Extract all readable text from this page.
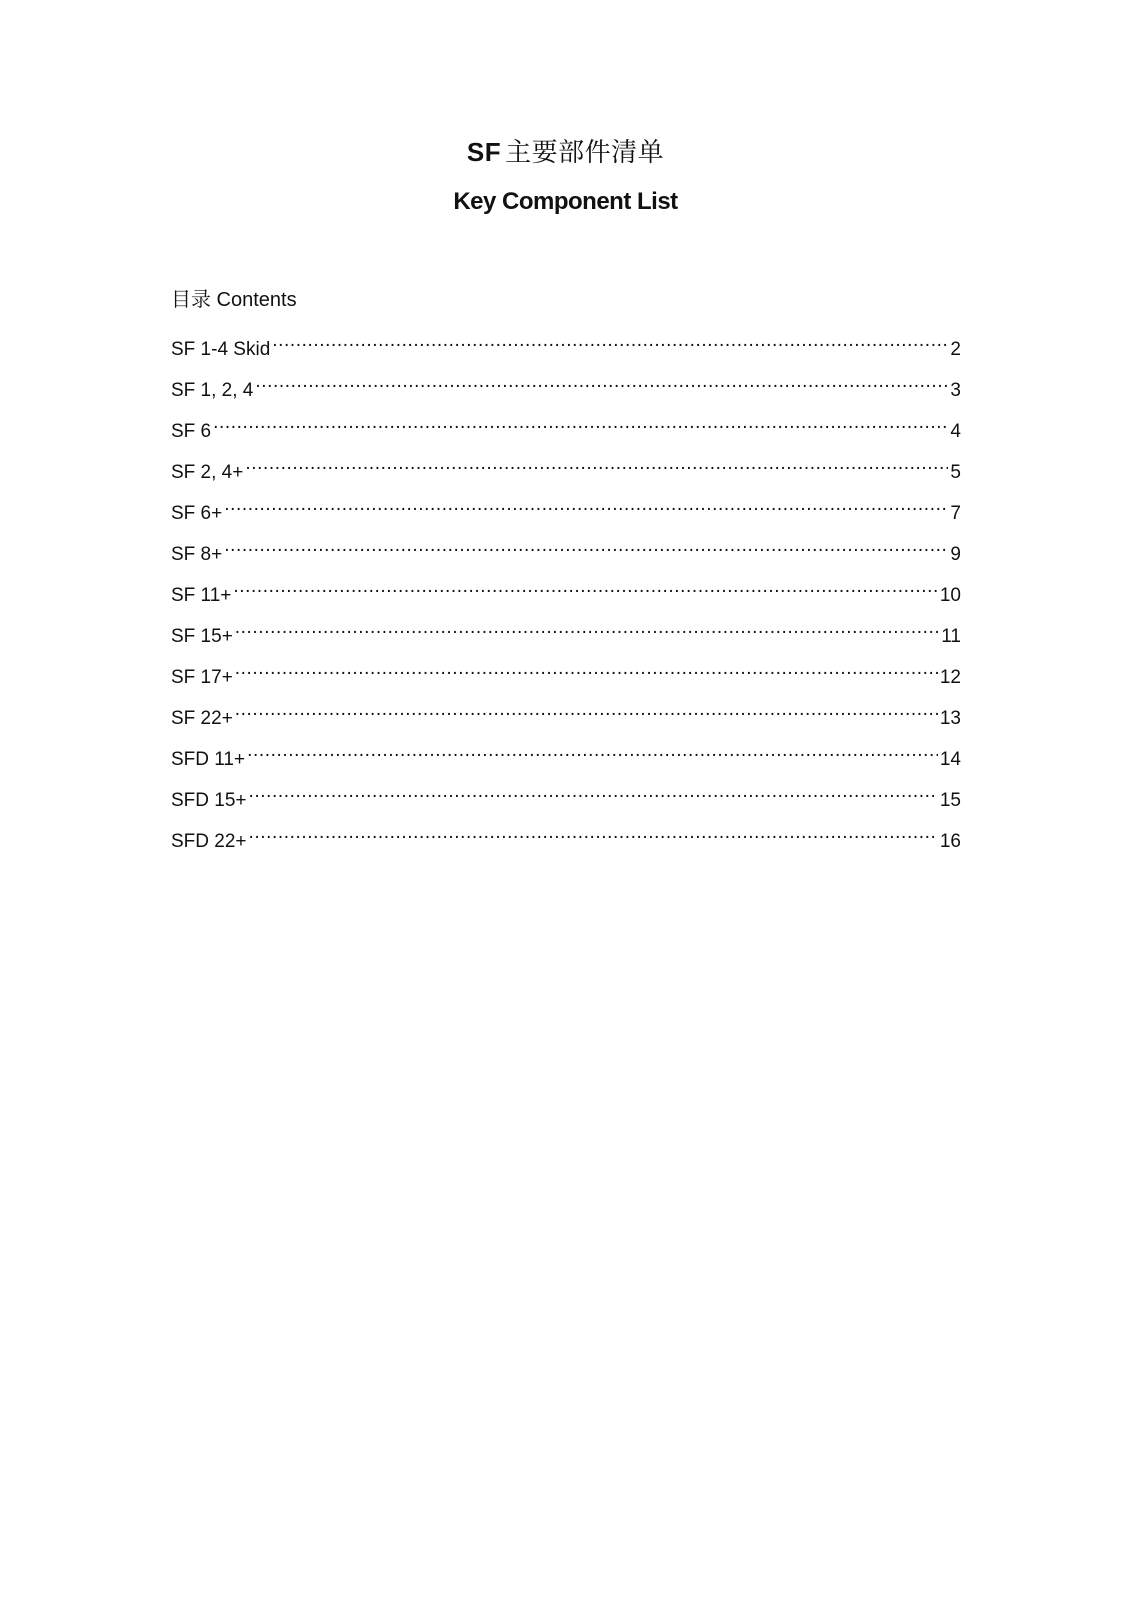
SF 主要部件清单
Key Component List
目录 Contents
SF 1-4 Skid .....	2
SF 1, 2, 4 .....	3
SF 6 .....	4
SF 2, 4+ .....	5
SF 6+ .....	7
SF 8+ .....	9
SF 11+ .....	10
SF 15+ .....	11
SF 17+ .....	12
SF 22+ .....	13
SFD 11+ .....	14
SFD 15+ .....	15
SFD 22+ .....	16
